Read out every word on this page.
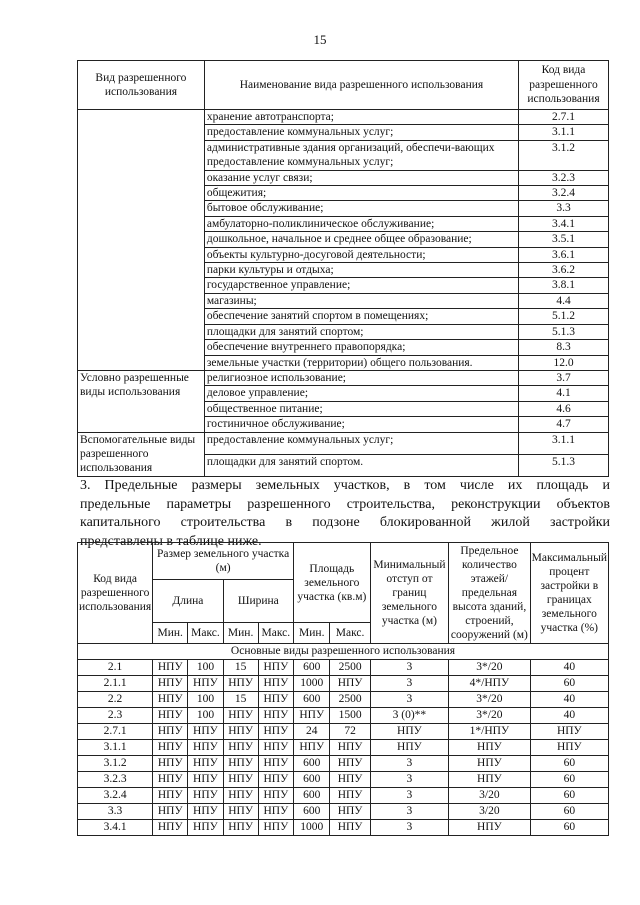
15
Вид разрешенного использования	Наименование вида разрешенного использования	Код вида разрешенного использования
	хранение автотранспорта;	2.7.1
	предоставление коммунальных услуг;	3.1.1
	административные здания организаций, обеспечи-вающих предоставление коммунальных услуг;	3.1.2
	оказание услуг связи;	3.2.3
	общежития;	3.2.4
	бытовое обслуживание;	3.3
	амбулаторно-поликлиническое обслуживание;	3.4.1
	дошкольное, начальное и среднее общее образование;	3.5.1
	объекты культурно-досуговой деятельности;	3.6.1
	парки культуры и отдыха;	3.6.2
	государственное управление;	3.8.1
	магазины;	4.4
	обеспечение занятий спортом в помещениях;	5.1.2
	площадки для занятий спортом;	5.1.3
	обеспечение внутреннего правопорядка;	8.3
	земельные участки (территории) общего пользования.	12.0
Условно разрешенные виды использования	религиозное использование;	3.7
	деловое управление;	4.1
	общественное питание;	4.6
	гостиничное обслуживание;	4.7
Вспомогательные виды разрешенного использования	предоставление коммунальных услуг;	3.1.1
	площадки для занятий спортом.	5.1.3
3. Предельные размеры земельных участков, в том числе их площадь и
предельные параметры разрешенного строительства, реконструкции объектов
капитального строительства в подзоне блокированной жилой застройки
представлены в таблице ниже.
Код вида разрешенного использования	Размер земельного участка (м)				Площадь земельного участка (кв.м)		Минимальный отступ от границ земельного участка (м)	Предельное количество этажей/ предельная высота зданий, строений, сооружений (м)	Максимальный процент застройки в границах земельного участка (%)
	Длина		Ширина						
	Мин.	Макс.	Мин.	Макс.	Мин.	Макс.			
Основные виды разрешенного использования									
2.1	НПУ	100	15	НПУ	600	2500	3	3*/20	40
2.1.1	НПУ	НПУ	НПУ	НПУ	1000	НПУ	3	4*/НПУ	60
2.2	НПУ	100	15	НПУ	600	2500	3	3*/20	40
2.3	НПУ	100	НПУ	НПУ	НПУ	1500	3 (0)**	3*/20	40
2.7.1	НПУ	НПУ	НПУ	НПУ	24	72	НПУ	1*/НПУ	НПУ
3.1.1	НПУ	НПУ	НПУ	НПУ	НПУ	НПУ	НПУ	НПУ	НПУ
3.1.2	НПУ	НПУ	НПУ	НПУ	600	НПУ	3	НПУ	60
3.2.3	НПУ	НПУ	НПУ	НПУ	600	НПУ	3	НПУ	60
3.2.4	НПУ	НПУ	НПУ	НПУ	600	НПУ	3	3/20	60
3.3	НПУ	НПУ	НПУ	НПУ	600	НПУ	3	3/20	60
3.4.1	НПУ	НПУ	НПУ	НПУ	1000	НПУ	3	НПУ	60
